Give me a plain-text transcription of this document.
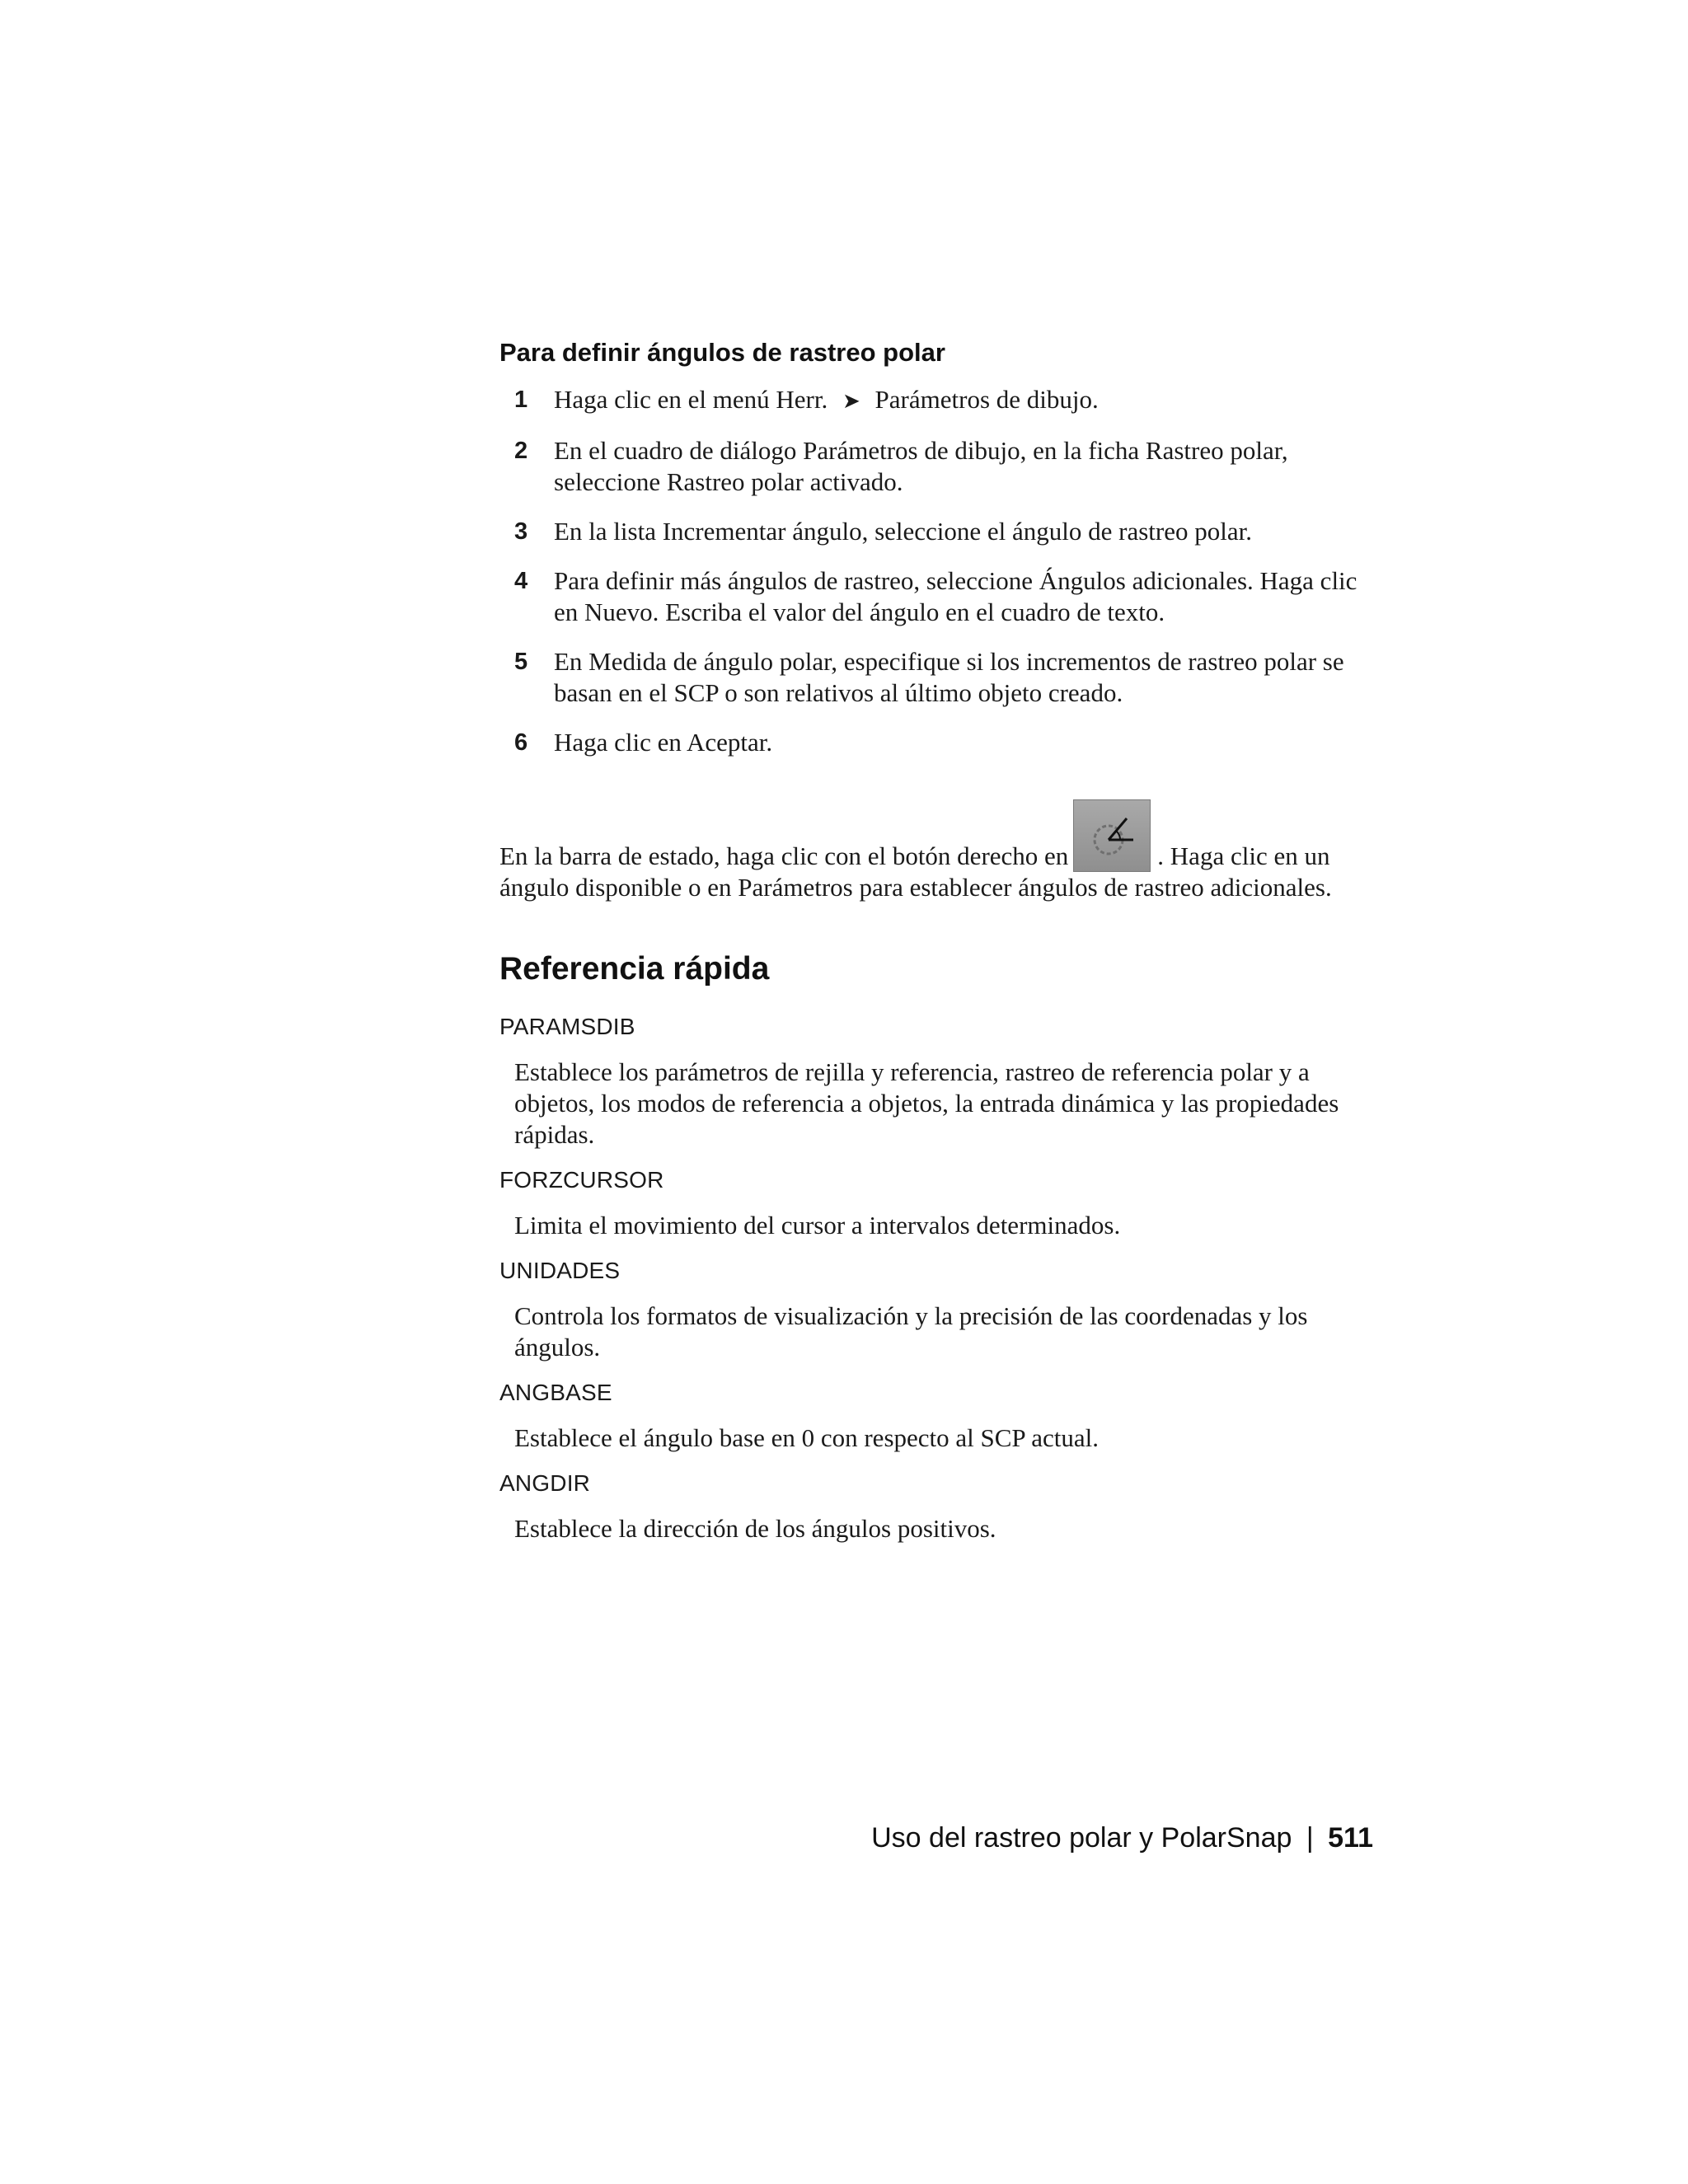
Para definir ángulos de rastreo polar
1 Haga clic en el menú Herr. ➤ Parámetros de dibujo.
2 En el cuadro de diálogo Parámetros de dibujo, en la ficha Rastreo polar, seleccione Rastreo polar activado.
3 En la lista Incrementar ángulo, seleccione el ángulo de rastreo polar.
4 Para definir más ángulos de rastreo, seleccione Ángulos adicionales. Haga clic en Nuevo. Escriba el valor del ángulo en el cuadro de texto.
5 En Medida de ángulo polar, especifique si los incrementos de rastreo polar se basan en el SCP o son relativos al último objeto creado.
6 Haga clic en Aceptar.

En la barra de estado, haga clic con el botón derecho en	. Haga clic en un ángulo disponible o en Parámetros para establecer ángulos de rastreo adicionales.

Referencia rápida
PARAMSDIB
Establece los parámetros de rejilla y referencia, rastreo de referencia polar y a objetos, los modos de referencia a objetos, la entrada dinámica y las propiedades rápidas.
FORZCURSOR
Limita el movimiento del cursor a intervalos determinados.
UNIDADES
Controla los formatos de visualización y la precisión de las coordenadas y los ángulos.
ANGBASE
Establece el ángulo base en 0 con respecto al SCP actual.
ANGDIR
Establece la dirección de los ángulos positivos.
Uso del rastreo polar y PolarSnap | 511
